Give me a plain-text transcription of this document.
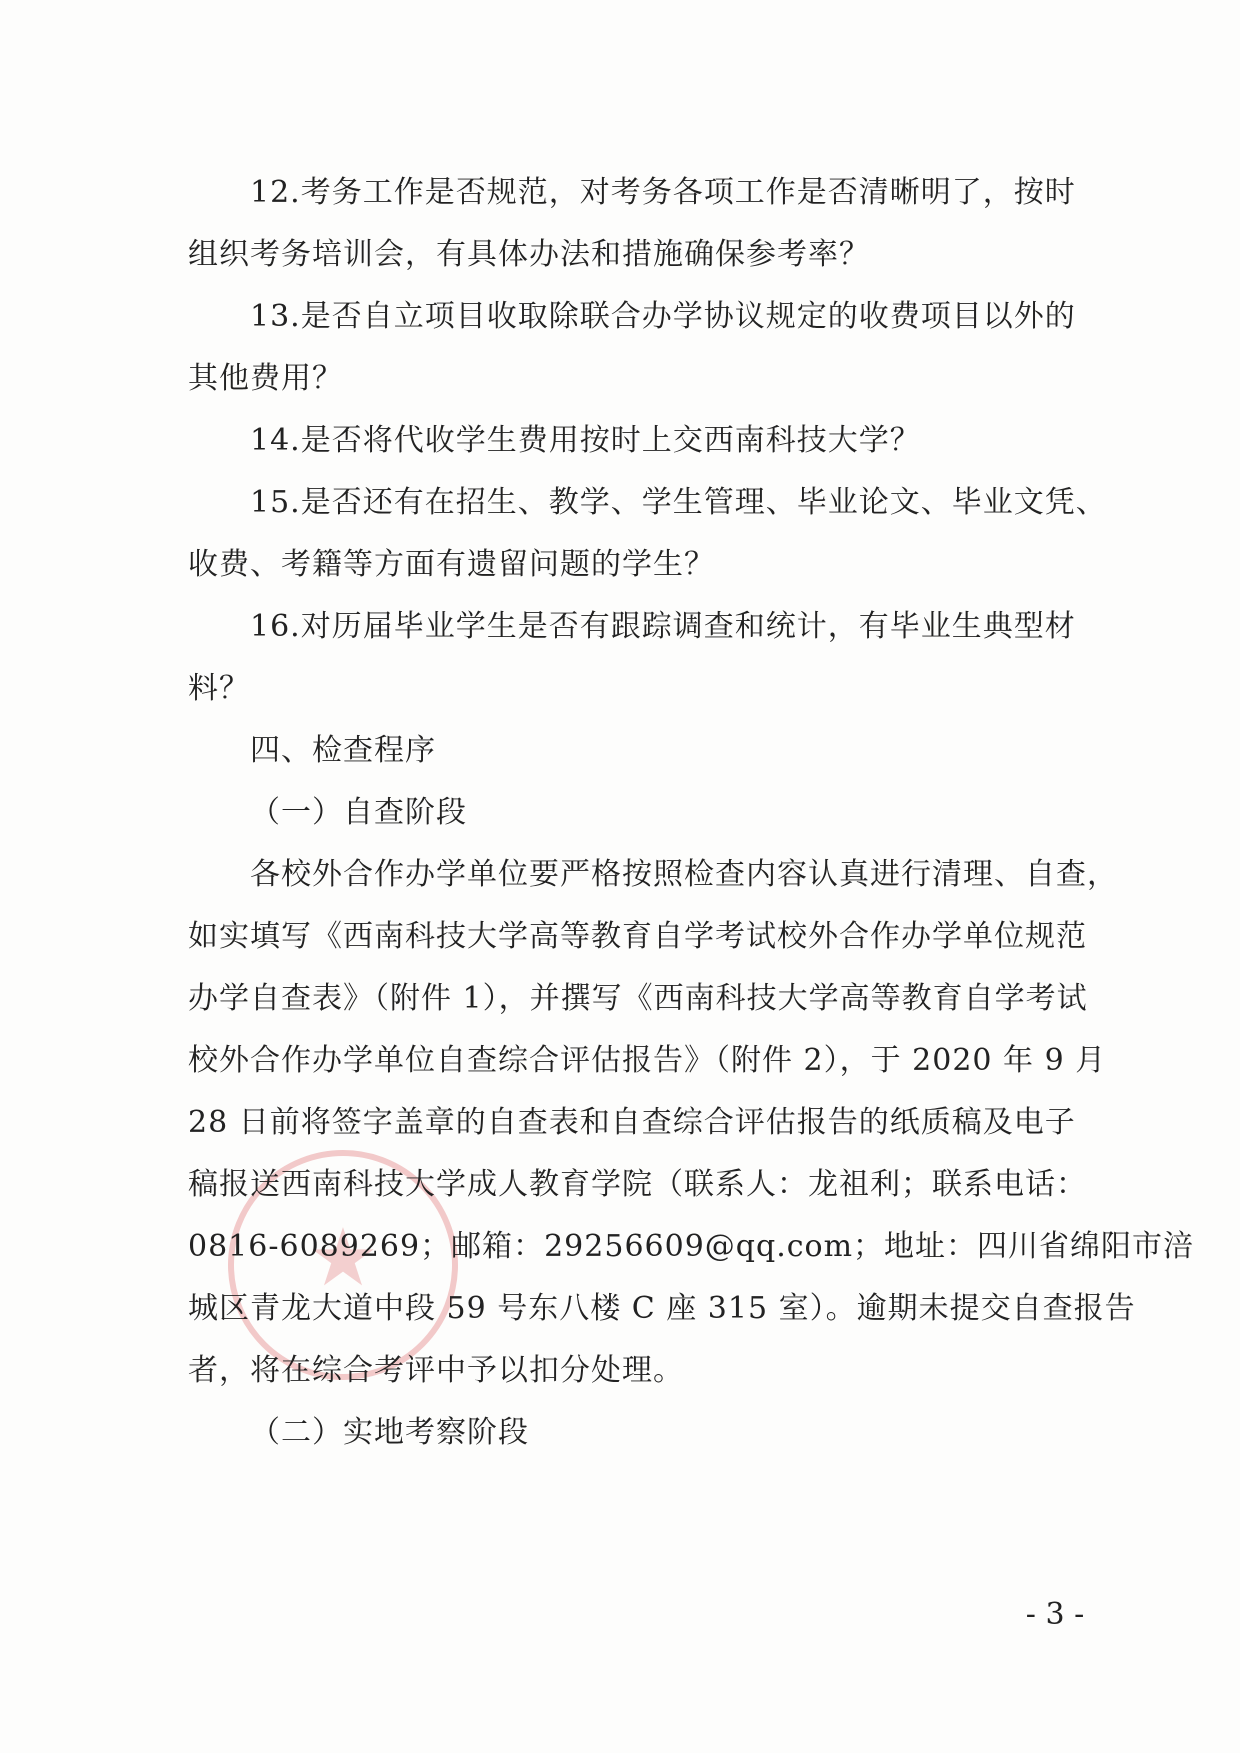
★
12.考务工作是否规范，对考务各项工作是否清晰明了，按时
组织考务培训会，有具体办法和措施确保参考率？
13.是否自立项目收取除联合办学协议规定的收费项目以外的
其他费用？
14.是否将代收学生费用按时上交西南科技大学？
15.是否还有在招生、教学、学生管理、毕业论文、毕业文凭、
收费、考籍等方面有遗留问题的学生？
16.对历届毕业学生是否有跟踪调查和统计，有毕业生典型材
料？
四、检查程序
（一）自查阶段
各校外合作办学单位要严格按照检查内容认真进行清理、自查，
如实填写《西南科技大学高等教育自学考试校外合作办学单位规范
办学自查表》（附件 1），并撰写《西南科技大学高等教育自学考试
校外合作办学单位自查综合评估报告》（附件 2），于 2020 年 9 月
28 日前将签字盖章的自查表和自查综合评估报告的纸质稿及电子
稿报送西南科技大学成人教育学院（联系人：龙祖利；联系电话：
0816-6089269；邮箱：29256609@qq.com；地址：四川省绵阳市涪
城区青龙大道中段 59 号东八楼 C 座 315 室）。逾期未提交自查报告
者，将在综合考评中予以扣分处理。
（二）实地考察阶段
- 3 -
